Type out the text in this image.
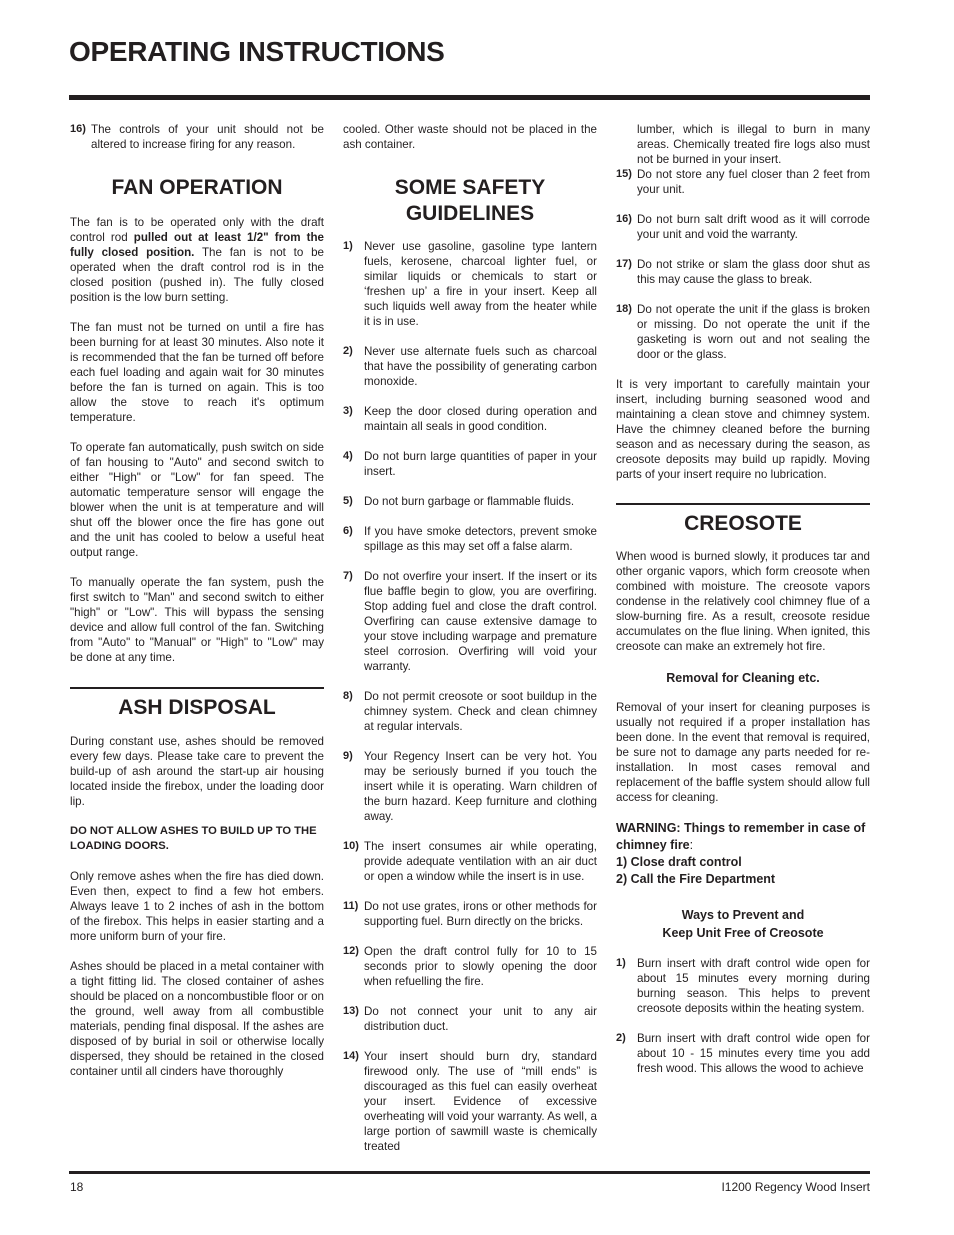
OPERATING INSTRUCTIONS
16) The controls of your unit should not be altered to increase firing for any reason.
FAN OPERATION

The fan is to be operated only with the draft control rod pulled out at least 1/2" from the fully closed position. The fan is not to be operated when the draft control rod is in the closed position (pushed in). The fully closed position is the low burn setting.

The fan must not be turned on until a fire has been burning for at least 30 minutes. Also note it is recommended that the fan be turned off before each fuel loading and again wait for 30 minutes before the fan is turned on again. This is too allow the stove to reach it's optimum temperature.

To operate fan automatically, push switch on side of fan housing to "Auto" and second switch to either "High" or "Low" for fan speed. The automatic temperature sensor will engage the blower when the unit is at temperature and will shut off the blower once the fire has gone out and the unit has cooled to below a useful heat output range.

To manually operate the fan system, push the first switch to "Man" and second switch to either "high" or "Low". This will bypass the sensing device and allow full control of the fan. Switching from "Auto" to "Manual" or "High" to "Low" may be done at any time.

ASH DISPOSAL

During constant use, ashes should be removed every few days. Please take care to prevent the build-up of ash around the start-up air housing located inside the firebox, under the loading door lip.

DO NOT ALLOW ASHES TO BUILD UP TO THE LOADING DOORS.

Only remove ashes when the fire has died down. Even then, expect to find a few hot embers. Always leave 1 to 2 inches of ash in the bottom of the firebox. This helps in easier starting and a more uniform burn of your fire.

Ashes should be placed in a metal container with a tight fitting lid. The closed container of ashes should be placed on a noncombustible floor or on the ground, well away from all combustible materials, pending final disposal. If the ashes are disposed of by burial in soil or otherwise locally dispersed, they should be retained in the closed container until all cinders have thoroughly

cooled. Other waste should not be placed in the ash container.

SOME SAFETY
GUIDELINES
1) Never use gasoline, gasoline type lantern fuels, kerosene, charcoal lighter fuel, or similar liquids or chemicals to start or ‘freshen up’ a fire in your insert. Keep all such liquids well away from the heater while it is in use.
2) Never use alternate fuels such as charcoal that have the possibility of generating carbon monoxide.
3) Keep the door closed during operation and maintain all seals in good condition.
4) Do not burn large quantities of paper in your insert.
5) Do not burn garbage or flammable fluids.
6) If you have smoke detectors, prevent smoke spillage as this may set off a false alarm.
7) Do not overfire your insert. If the insert or its flue baffle begin to glow, you are overfiring. Stop adding fuel and close the draft control. Overfiring can cause extensive damage to your stove including warpage and premature steel corrosion. Overfiring will void your warranty.
8) Do not permit creosote or soot buildup in the chimney system. Check and clean chimney at regular intervals.
9) Your Regency Insert can be very hot. You may be seriously burned if you touch the insert while it is operating. Warn children of the burn hazard. Keep furniture and clothing away.
10) The insert consumes air while operating, provide adequate ventilation with an air duct or open a window while the insert is in use.
11) Do not use grates, irons or other methods for supporting fuel. Burn directly on the bricks.
12) Open the draft control fully for 10 to 15 seconds prior to slowly opening the door when refuelling the fire.
13) Do not connect your unit to any air distribution duct.
14) Your insert should burn dry, standard firewood only. The use of “mill ends” is discouraged as this fuel can easily overheat your insert. Evidence of excessive overheating will void your warranty. As well, a large portion of sawmill waste is chemically treated

lumber, which is illegal to burn in many areas. Chemically treated fire logs also must not be burned in your insert.

15) Do not store any fuel closer than 2 feet from your unit.
16) Do not burn salt drift wood as it will corrode your unit and void the warranty.
17) Do not strike or slam the glass door shut as this may cause the glass to break.
18) Do not operate the unit if the glass is broken or missing. Do not operate the unit if the gasketing is worn out and not sealing the door or the glass.

It is very important to carefully maintain your insert, including burning seasoned wood and maintaining a clean stove and chimney system. Have the chimney cleaned before the burning season and as necessary during the season, as creosote deposits may build up rapidly. Moving parts of your insert require no lubrication.

CREOSOTE

When wood is burned slowly, it produces tar and other organic vapors, which form creosote when combined with moisture. The creosote vapors condense in the relatively cool chimney flue of a slow-burning fire. As a result, creosote residue accumulates on the flue lining. When ignited, this creosote can make an extremely hot fire.

Removal for Cleaning etc.

Removal of your insert for cleaning purposes is usually not required if a proper installation has been done. In the event that removal is required, be sure not to damage any parts needed for re-installation. In most cases removal and replacement of the baffle system should allow full access for cleaning.

WARNING: Things to remember in case of chimney fire:
1) Close draft control
2) Call the Fire Department
Ways to Prevent and
Keep Unit Free of Creosote
1) Burn insert with draft control wide open for about 15 minutes every morning during burning season. This helps to prevent creosote deposits within the heating system.
2) Burn insert with draft control wide open for about 10 - 15 minutes every time you add fresh wood. This allows the wood to achieve
18	I1200 Regency Wood Insert
